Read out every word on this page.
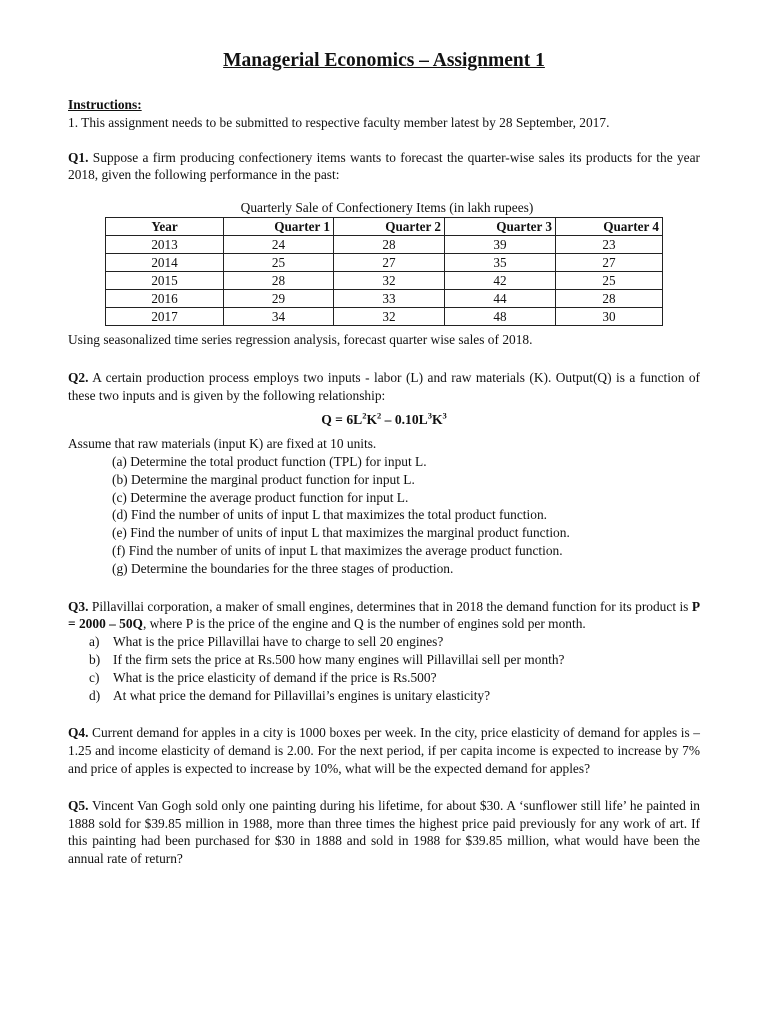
Managerial Economics – Assignment 1
Instructions:

1. This assignment needs to be submitted to respective faculty member latest by 28 September, 2017.

Q1. Suppose a firm producing confectionery items wants to forecast the quarter-wise sales its products for the year 2018, given the following performance in the past:

Quarterly Sale of Confectionery Items (in lakh rupees)
Year	Quarter 1	Quarter 2	Quarter 3	Quarter 4
2013	24	28	39	23
2014	25	27	35	27
2015	28	32	42	25
2016	29	33	44	28
2017	34	32	48	30

Using seasonalized time series regression analysis, forecast quarter wise sales of 2018.

Q2. A certain production process employs two inputs - labor (L) and raw materials (K). Output(Q) is a function of these two inputs and is given by the following relationship:

$Q = 6L^2K^2 - 0.10L^3K^3$

Assume that raw materials (input K) are fixed at 10 units.

(a) Determine the total product function (TPL) for input L.
(b) Determine the marginal product function for input L.
(c) Determine the average product function for input L.
(d) Find the number of units of input L that maximizes the total product function.
(e) Find the number of units of input L that maximizes the marginal product function.
(f) Find the number of units of input L that maximizes the average product function.
(g) Determine the boundaries for the three stages of production.

Q3. Pillavillai corporation, a maker of small engines, determines that in 2018 the demand function for its product is P = 2000 – 50Q, where P is the price of the engine and Q is the number of engines sold per month.

a)	What is the price Pillavillai have to charge to sell 20 engines?
b) If the firm sets the price at Rs.500 how many engines will Pillavillai sell per month?
c)	What is the price elasticity of demand if the price is Rs.500?
d) At what price the demand for Pillavillai’s engines is unitary elasticity?

Q4. Current demand for apples in a city is 1000 boxes per week. In the city, price elasticity of demand for apples is –1.25 and income elasticity of demand is 2.00. For the next period, if per capita income is expected to increase by 7% and price of apples is expected to increase by 10%, what will be the expected demand for apples?

Q5. Vincent Van Gogh sold only one painting during his lifetime, for about $30. A ‘sunflower still life’ he painted in 1888 sold for $39.85 million in 1988, more than three times the highest price paid previously for any work of art. If this painting had been purchased for $30 in 1888 and sold in 1988 for $39.85 million, what would have been the annual rate of return?
